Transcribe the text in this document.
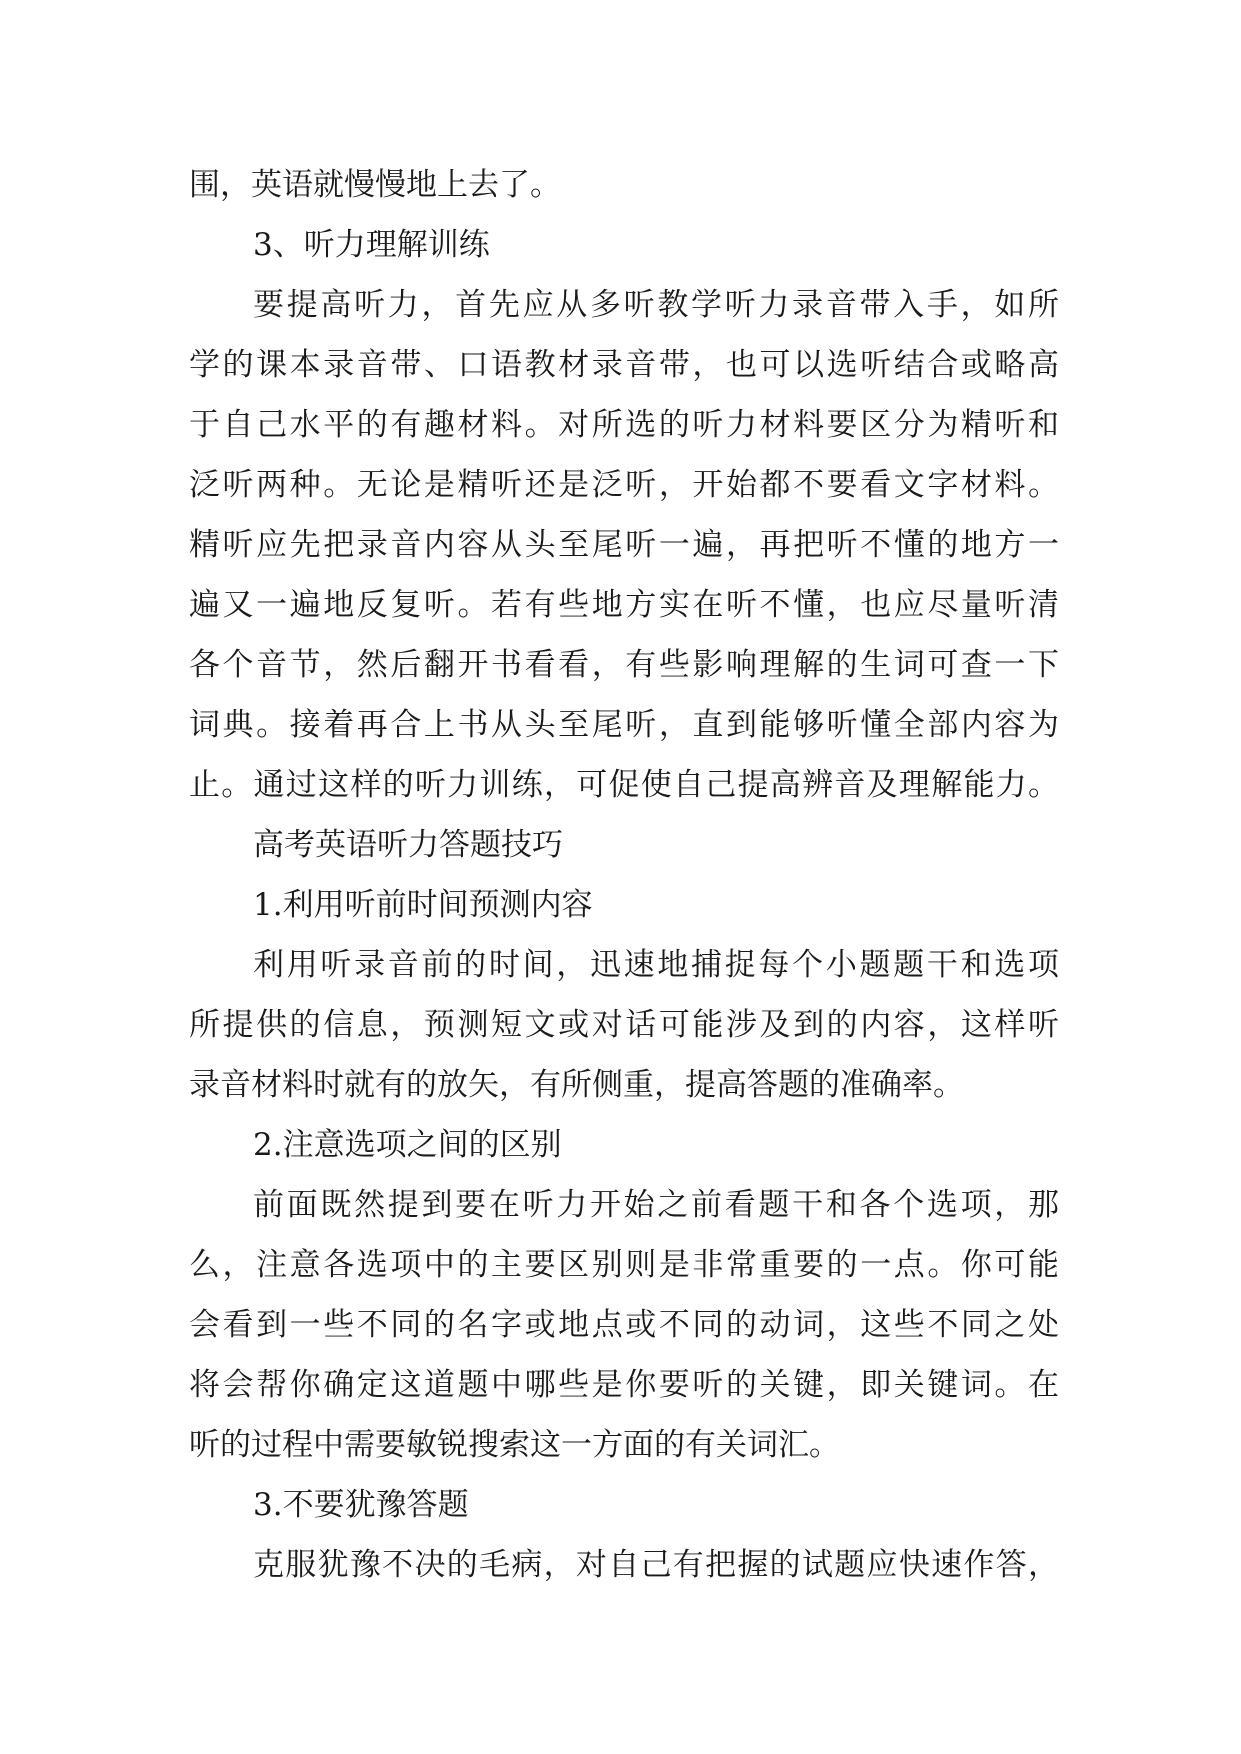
围，英语就慢慢地上去了。
3、听力理解训练
要提高听力，首先应从多听教学听力录音带入手，如所
学的课本录音带、口语教材录音带，也可以选听结合或略高
于自己水平的有趣材料。对所选的听力材料要区分为精听和
泛听两种。无论是精听还是泛听，开始都不要看文字材料。
精听应先把录音内容从头至尾听一遍，再把听不懂的地方一
遍又一遍地反复听。若有些地方实在听不懂，也应尽量听清
各个音节，然后翻开书看看，有些影响理解的生词可查一下
词典。接着再合上书从头至尾听，直到能够听懂全部内容为
止。通过这样的听力训练，可促使自己提高辨音及理解能力。
高考英语听力答题技巧
1.利用听前时间预测内容
利用听录音前的时间，迅速地捕捉每个小题题干和选项
所提供的信息，预测短文或对话可能涉及到的内容，这样听
录音材料时就有的放矢，有所侧重，提高答题的准确率。
2.注意选项之间的区别
前面既然提到要在听力开始之前看题干和各个选项，那
么，注意各选项中的主要区别则是非常重要的一点。你可能
会看到一些不同的名字或地点或不同的动词，这些不同之处
将会帮你确定这道题中哪些是你要听的关键，即关键词。在
听的过程中需要敏锐搜索这一方面的有关词汇。
3.不要犹豫答题
克服犹豫不决的毛病，对自己有把握的试题应快速作答，
